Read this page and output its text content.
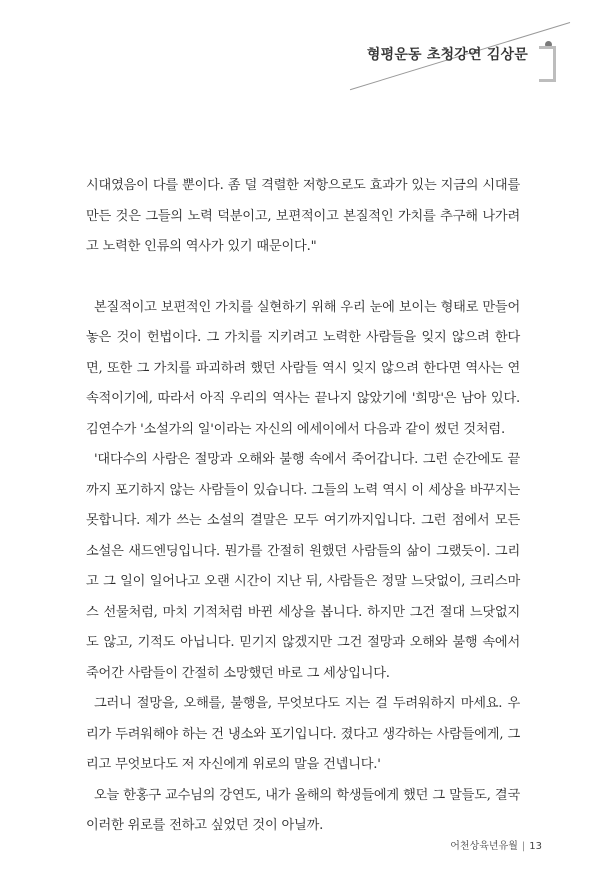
형평운동 초청강연 김상문

시대였음이 다를 뿐이다. 좀 덜 격렬한 저항으로도 효과가 있는 지금의 시대를 만든 것은 그들의 노력 덕분이고, 보편적이고 본질적인 가치를 추구해 나가려고 노력한 인류의 역사가 있기 때문이다."

본질적이고 보편적인 가치를 실현하기 위해 우리 눈에 보이는 형태로 만들어 놓은 것이 헌법이다. 그 가치를 지키려고 노력한 사람들을 잊지 않으려 한다면, 또한 그 가치를 파괴하려 했던 사람들 역시 잊지 않으려 한다면 역사는 연속적이기에, 따라서 아직 우리의 역사는 끝나지 않았기에 '희망'은 남아 있다. 김연수가 '소설가의 일'이라는 자신의 에세이에서 다음과 같이 썼던 것처럼.

'대다수의 사람은 절망과 오해와 불행 속에서 죽어갑니다. 그런 순간에도 끝까지 포기하지 않는 사람들이 있습니다. 그들의 노력 역시 이 세상을 바꾸지는 못합니다. 제가 쓰는 소설의 결말은 모두 여기까지입니다. 그런 점에서 모든 소설은 새드엔딩입니다. 뭔가를 간절히 원했던 사람들의 삶이 그랬듯이. 그리고 그 일이 일어나고 오랜 시간이 지난 뒤, 사람들은 정말 느닷없이, 크리스마스 선물처럼, 마치 기적처럼 바뀐 세상을 봅니다. 하지만 그건 절대 느닷없지도 않고, 기적도 아닙니다. 믿기지 않겠지만 그건 절망과 오해와 불행 속에서 죽어간 사람들이 간절히 소망했던 바로 그 세상입니다.

그러니 절망을, 오해를, 불행을, 무엇보다도 지는 걸 두려워하지 마세요. 우리가 두려워해야 하는 건 냉소와 포기입니다. 졌다고 생각하는 사람들에게, 그리고 무엇보다도 저 자신에게 위로의 말을 건넵니다.'

오늘 한홍구 교수님의 강연도, 내가 올해의 학생들에게 했던 그 말들도, 결국 이러한 위로를 전하고 싶었던 것이 아닐까.

어천상육년유월 | 13
